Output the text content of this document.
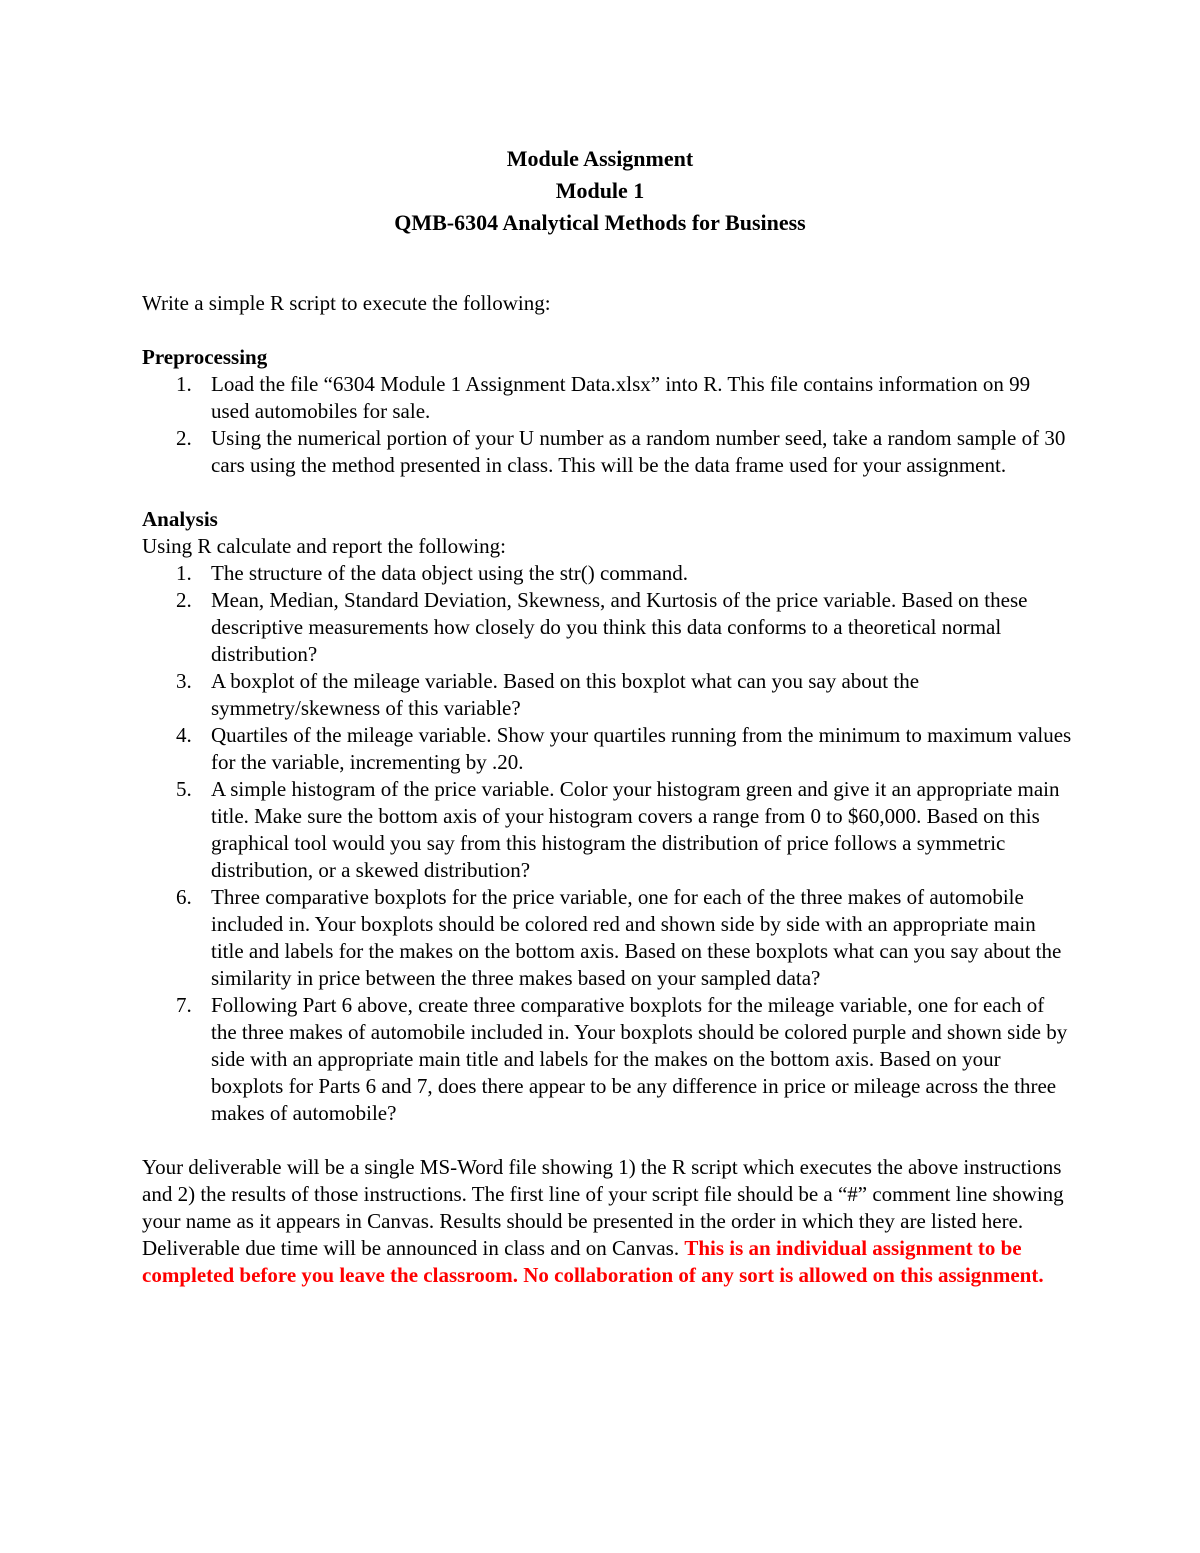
Module Assignment
Module 1
QMB-6304 Analytical Methods for Business

Write a simple R script to execute the following:

Preprocessing

1. Load the file “6304 Module 1 Assignment Data.xlsx” into R. This file contains information on 99 used automobiles for sale.
2. Using the numerical portion of your U number as a random number seed, take a random sample of 30 cars using the method presented in class. This will be the data frame used for your assignment.

Analysis

Using R calculate and report the following:

1. The structure of the data object using the str() command.
2. Mean, Median, Standard Deviation, Skewness, and Kurtosis of the price variable. Based on these descriptive measurements how closely do you think this data conforms to a theoretical normal distribution?
3. A boxplot of the mileage variable. Based on this boxplot what can you say about the symmetry/skewness of this variable?
4. Quartiles of the mileage variable. Show your quartiles running from the minimum to maximum values for the variable, incrementing by .20.
5. A simple histogram of the price variable. Color your histogram green and give it an appropriate main title. Make sure the bottom axis of your histogram covers a range from 0 to $60,000. Based on this graphical tool would you say from this histogram the distribution of price follows a symmetric distribution, or a skewed distribution?
6. Three comparative boxplots for the price variable, one for each of the three makes of automobile included in. Your boxplots should be colored red and shown side by side with an appropriate main title and labels for the makes on the bottom axis. Based on these boxplots what can you say about the similarity in price between the three makes based on your sampled data?
7. Following Part 6 above, create three comparative boxplots for the mileage variable, one for each of the three makes of automobile included in. Your boxplots should be colored purple and shown side by side with an appropriate main title and labels for the makes on the bottom axis. Based on your boxplots for Parts 6 and 7, does there appear to be any difference in price or mileage across the three makes of automobile?

Your deliverable will be a single MS-Word file showing 1) the R script which executes the above instructions and 2) the results of those instructions. The first line of your script file should be a “#” comment line showing your name as it appears in Canvas. Results should be presented in the order in which they are listed here. Deliverable due time will be announced in class and on Canvas. This is an individual assignment to be completed before you leave the classroom. No collaboration of any sort is allowed on this assignment.
